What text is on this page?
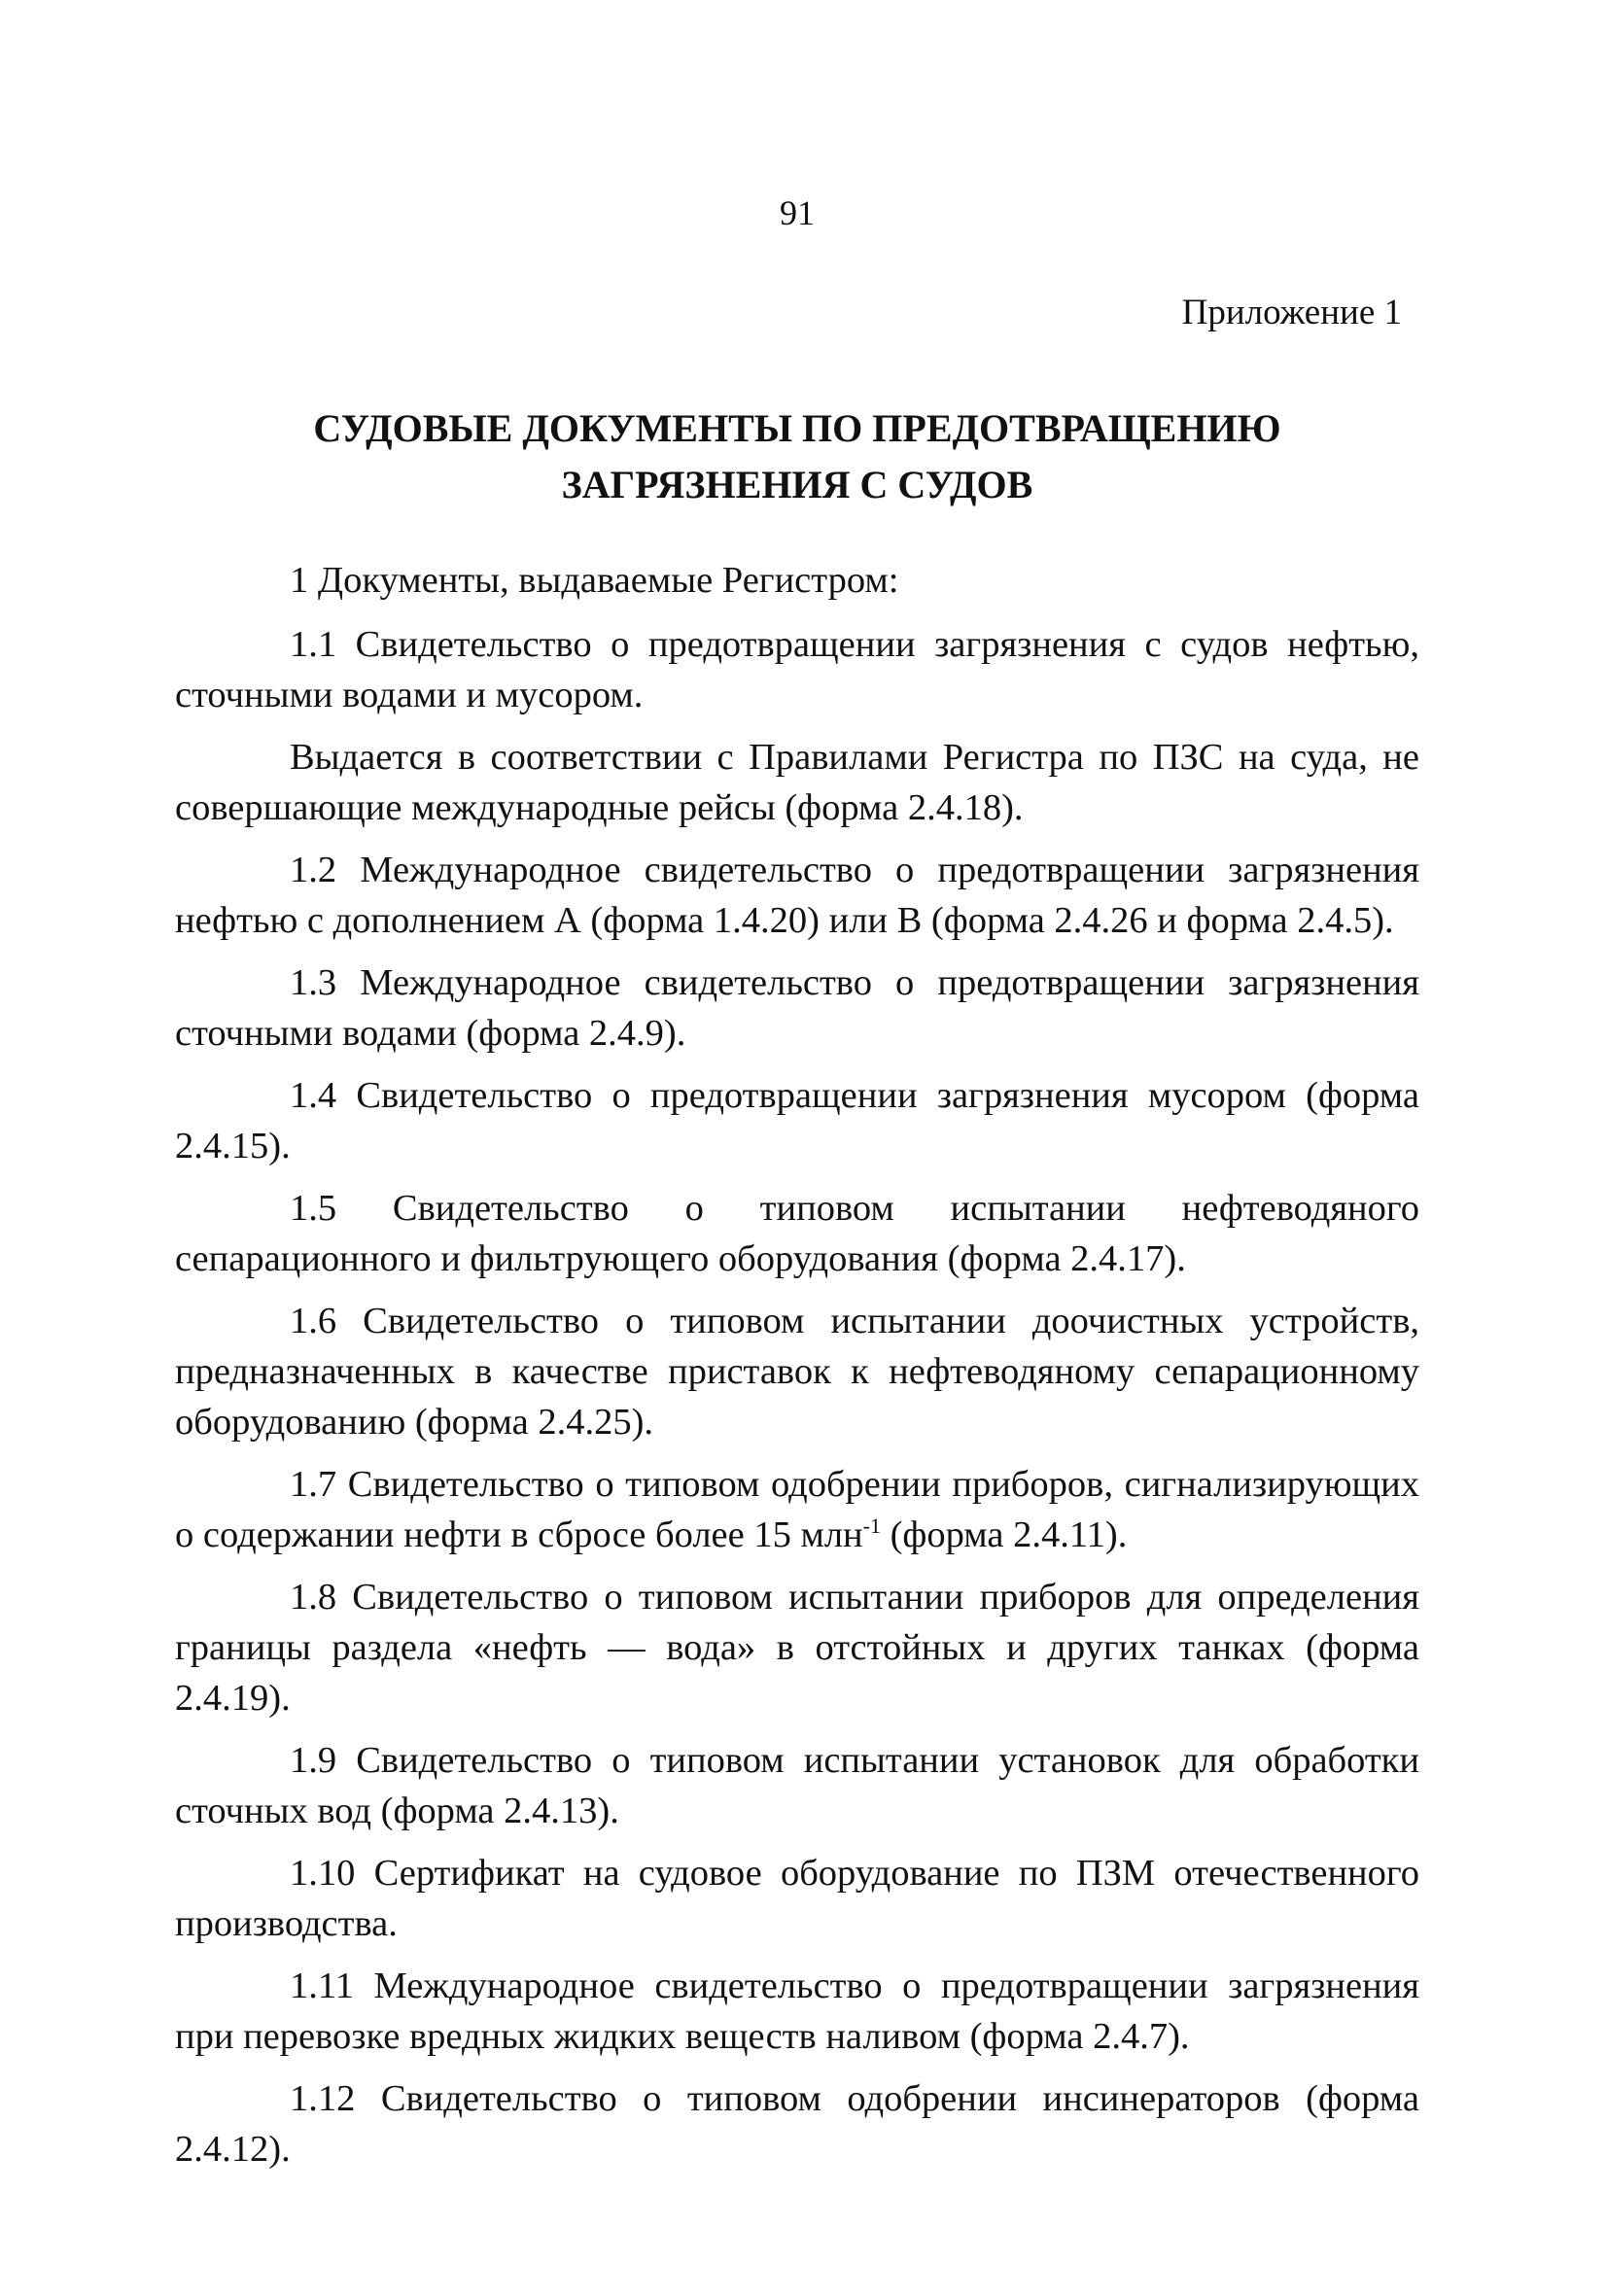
91

Приложение 1

СУДОВЫЕ ДОКУМЕНТЫ ПО ПРЕДОТВРАЩЕНИЮ
ЗАГРЯЗНЕНИЯ С СУДОВ

1 Документы, выдаваемые Регистром:

1.1 Свидетельство о предотвращении загрязнения с судов нефтью, сточными водами и мусором.

Выдается в соответствии с Правилами Регистра по ПЗС на суда, не совершающие международные рейсы (форма 2.4.18).

1.2 Международное свидетельство о предотвращении загрязнения нефтью с дополнением А (форма 1.4.20) или В (форма 2.4.26 и форма 2.4.5).

1.3 Международное свидетельство о предотвращении загрязнения сточными водами (форма 2.4.9).

1.4 Свидетельство о предотвращении загрязнения мусором (форма 2.4.15).

1.5 Свидетельство о типовом испытании нефтеводяного сепарационного и фильтрующего оборудования (форма 2.4.17).

1.6 Свидетельство о типовом испытании доочистных устройств, предназначенных в качестве приставок к нефтеводяному сепарационному оборудованию (форма 2.4.25).

1.7 Свидетельство о типовом одобрении приборов, сигнализирующих о содержании нефти в сбросе более 15 млн$^{-1}$ (форма 2.4.11).

1.8 Свидетельство о типовом испытании приборов для определения границы раздела «нефть — вода» в отстойных и других танках (форма 2.4.19).

1.9 Свидетельство о типовом испытании установок для обработки сточных вод (форма 2.4.13).

1.10 Сертификат на судовое оборудование по ПЗМ отечественного производства.

1.11 Международное свидетельство о предотвращении загрязнения при перевозке вредных жидких веществ наливом (форма 2.4.7).

1.12 Свидетельство о типовом одобрении инсинераторов (форма 2.4.12).
